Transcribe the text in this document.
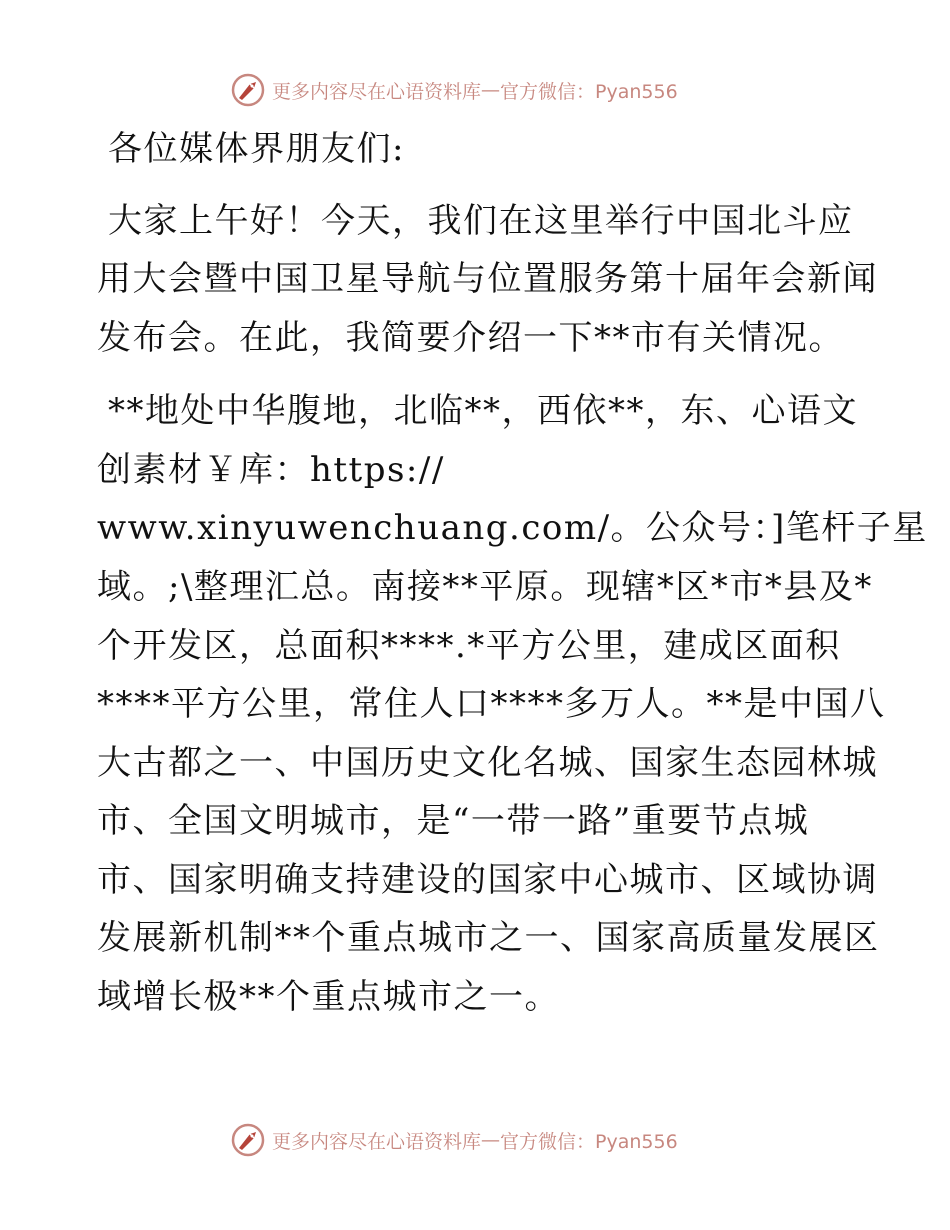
更多内容尽在心语资料库 — 官方微信：Pyan556
各位媒体界朋友们:
大家上午好！今天，我们在这里举行中国北斗应
用大会暨中国卫星导航与位置服务第十届年会新闻
发布会。在此，我简要介绍一下**市有关情况。
**地处中华腹地，北临**，西依**，东、心语文
创素材￥库：https://
www.xinyuwenchuang.com/。公众号：]笔杆子星
域。;\整理汇总。南接**平原。现辖*区*市*县及*
个开发区，总面积****.*平方公里，建成区面积
****平方公里，常住人口****多万人。**是中国八
大古都之一、中国历史文化名城、国家生态园林城
市、全国文明城市，是“一带一路”重要节点城
市、国家明确支持建设的国家中心城市、区域协调
发展新机制**个重点城市之一、国家高质量发展区
域增长极**个重点城市之一。
更多内容尽在心语资料库 — 官方微信：Pyan556
